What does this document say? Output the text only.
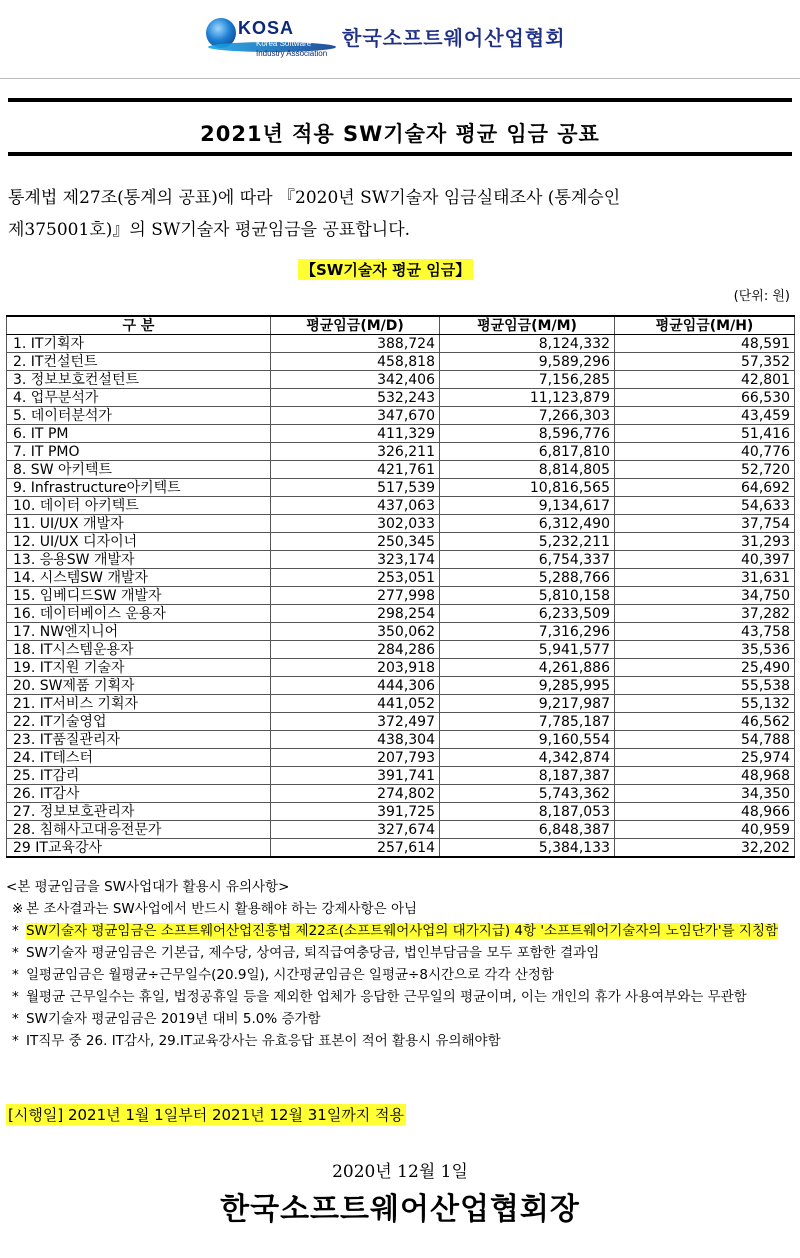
KOSA
Korea Software
Industry Association
한국소프트웨어산업협회
2021년 적용 SW기술자 평균 임금 공표
통계법 제27조(통계의 공표)에 따라 『2020년 SW기술자 임금실태조사 (통계승인
제375001호)』의 SW기술자 평균임금을 공표합니다.
【SW기술자 평균 임금】
(단위: 원)
구 분	평균임금(M/D)	평균임금(M/M)	평균임금(M/H)
1. IT기획자	388,724	8,124,332	48,591
2. IT컨설턴트	458,818	9,589,296	57,352
3. 정보보호컨설턴트	342,406	7,156,285	42,801
4. 업무분석가	532,243	11,123,879	66,530
5. 데이터분석가	347,670	7,266,303	43,459
6. IT PM	411,329	8,596,776	51,416
7. IT PMO	326,211	6,817,810	40,776
8. SW 아키텍트	421,761	8,814,805	52,720
9. Infrastructure아키텍트	517,539	10,816,565	64,692
10. 데이터 아키텍트	437,063	9,134,617	54,633
11. UI/UX 개발자	302,033	6,312,490	37,754
12. UI/UX 디자이너	250,345	5,232,211	31,293
13. 응용SW 개발자	323,174	6,754,337	40,397
14. 시스템SW 개발자	253,051	5,288,766	31,631
15. 임베디드SW 개발자	277,998	5,810,158	34,750
16. 데이터베이스 운용자	298,254	6,233,509	37,282
17. NW엔지니어	350,062	7,316,296	43,758
18. IT시스템운용자	284,286	5,941,577	35,536
19. IT지원 기술자	203,918	4,261,886	25,490
20. SW제품 기획자	444,306	9,285,995	55,538
21. IT서비스 기획자	441,052	9,217,987	55,132
22. IT기술영업	372,497	7,785,187	46,562
23. IT품질관리자	438,304	9,160,554	54,788
24. IT테스터	207,793	4,342,874	25,974
25. IT감리	391,741	8,187,387	48,968
26. IT감사	274,802	5,743,362	34,350
27. 정보보호관리자	391,725	8,187,053	48,966
28. 침해사고대응전문가	327,674	6,848,387	40,959
29 IT교육강사	257,614	5,384,133	32,202
<본 평균임금을 SW사업대가 활용시 유의사항>
※ 본 조사결과는 SW사업에서 반드시 활용해야 하는 강제사항은 아님
* SW기술자 평균임금은 소프트웨어산업진흥법 제22조(소프트웨어사업의 대가지급) 4항 '소프트웨어기술자의 노임단가'를 지칭함
* SW기술자 평균임금은 기본급, 제수당, 상여금, 퇴직급여충당금, 법인부담금을 모두 포함한 결과임
* 일평균임금은 월평균÷근무일수(20.9일), 시간평균임금은 일평균÷8시간으로 각각 산정함
* 월평균 근무일수는 휴일, 법정공휴일 등을 제외한 업체가 응답한 근무일의 평균이며, 이는 개인의 휴가 사용여부와는 무관함
* SW기술자 평균임금은 2019년 대비 5.0% 증가함
* IT직무 중 26. IT감사, 29.IT교육강사는 유효응답 표본이 적어 활용시 유의해야함
[시행일] 2021년 1월 1일부터 2021년 12월 31일까지 적용
2020년 12월 1일
한국소프트웨어산업협회장
